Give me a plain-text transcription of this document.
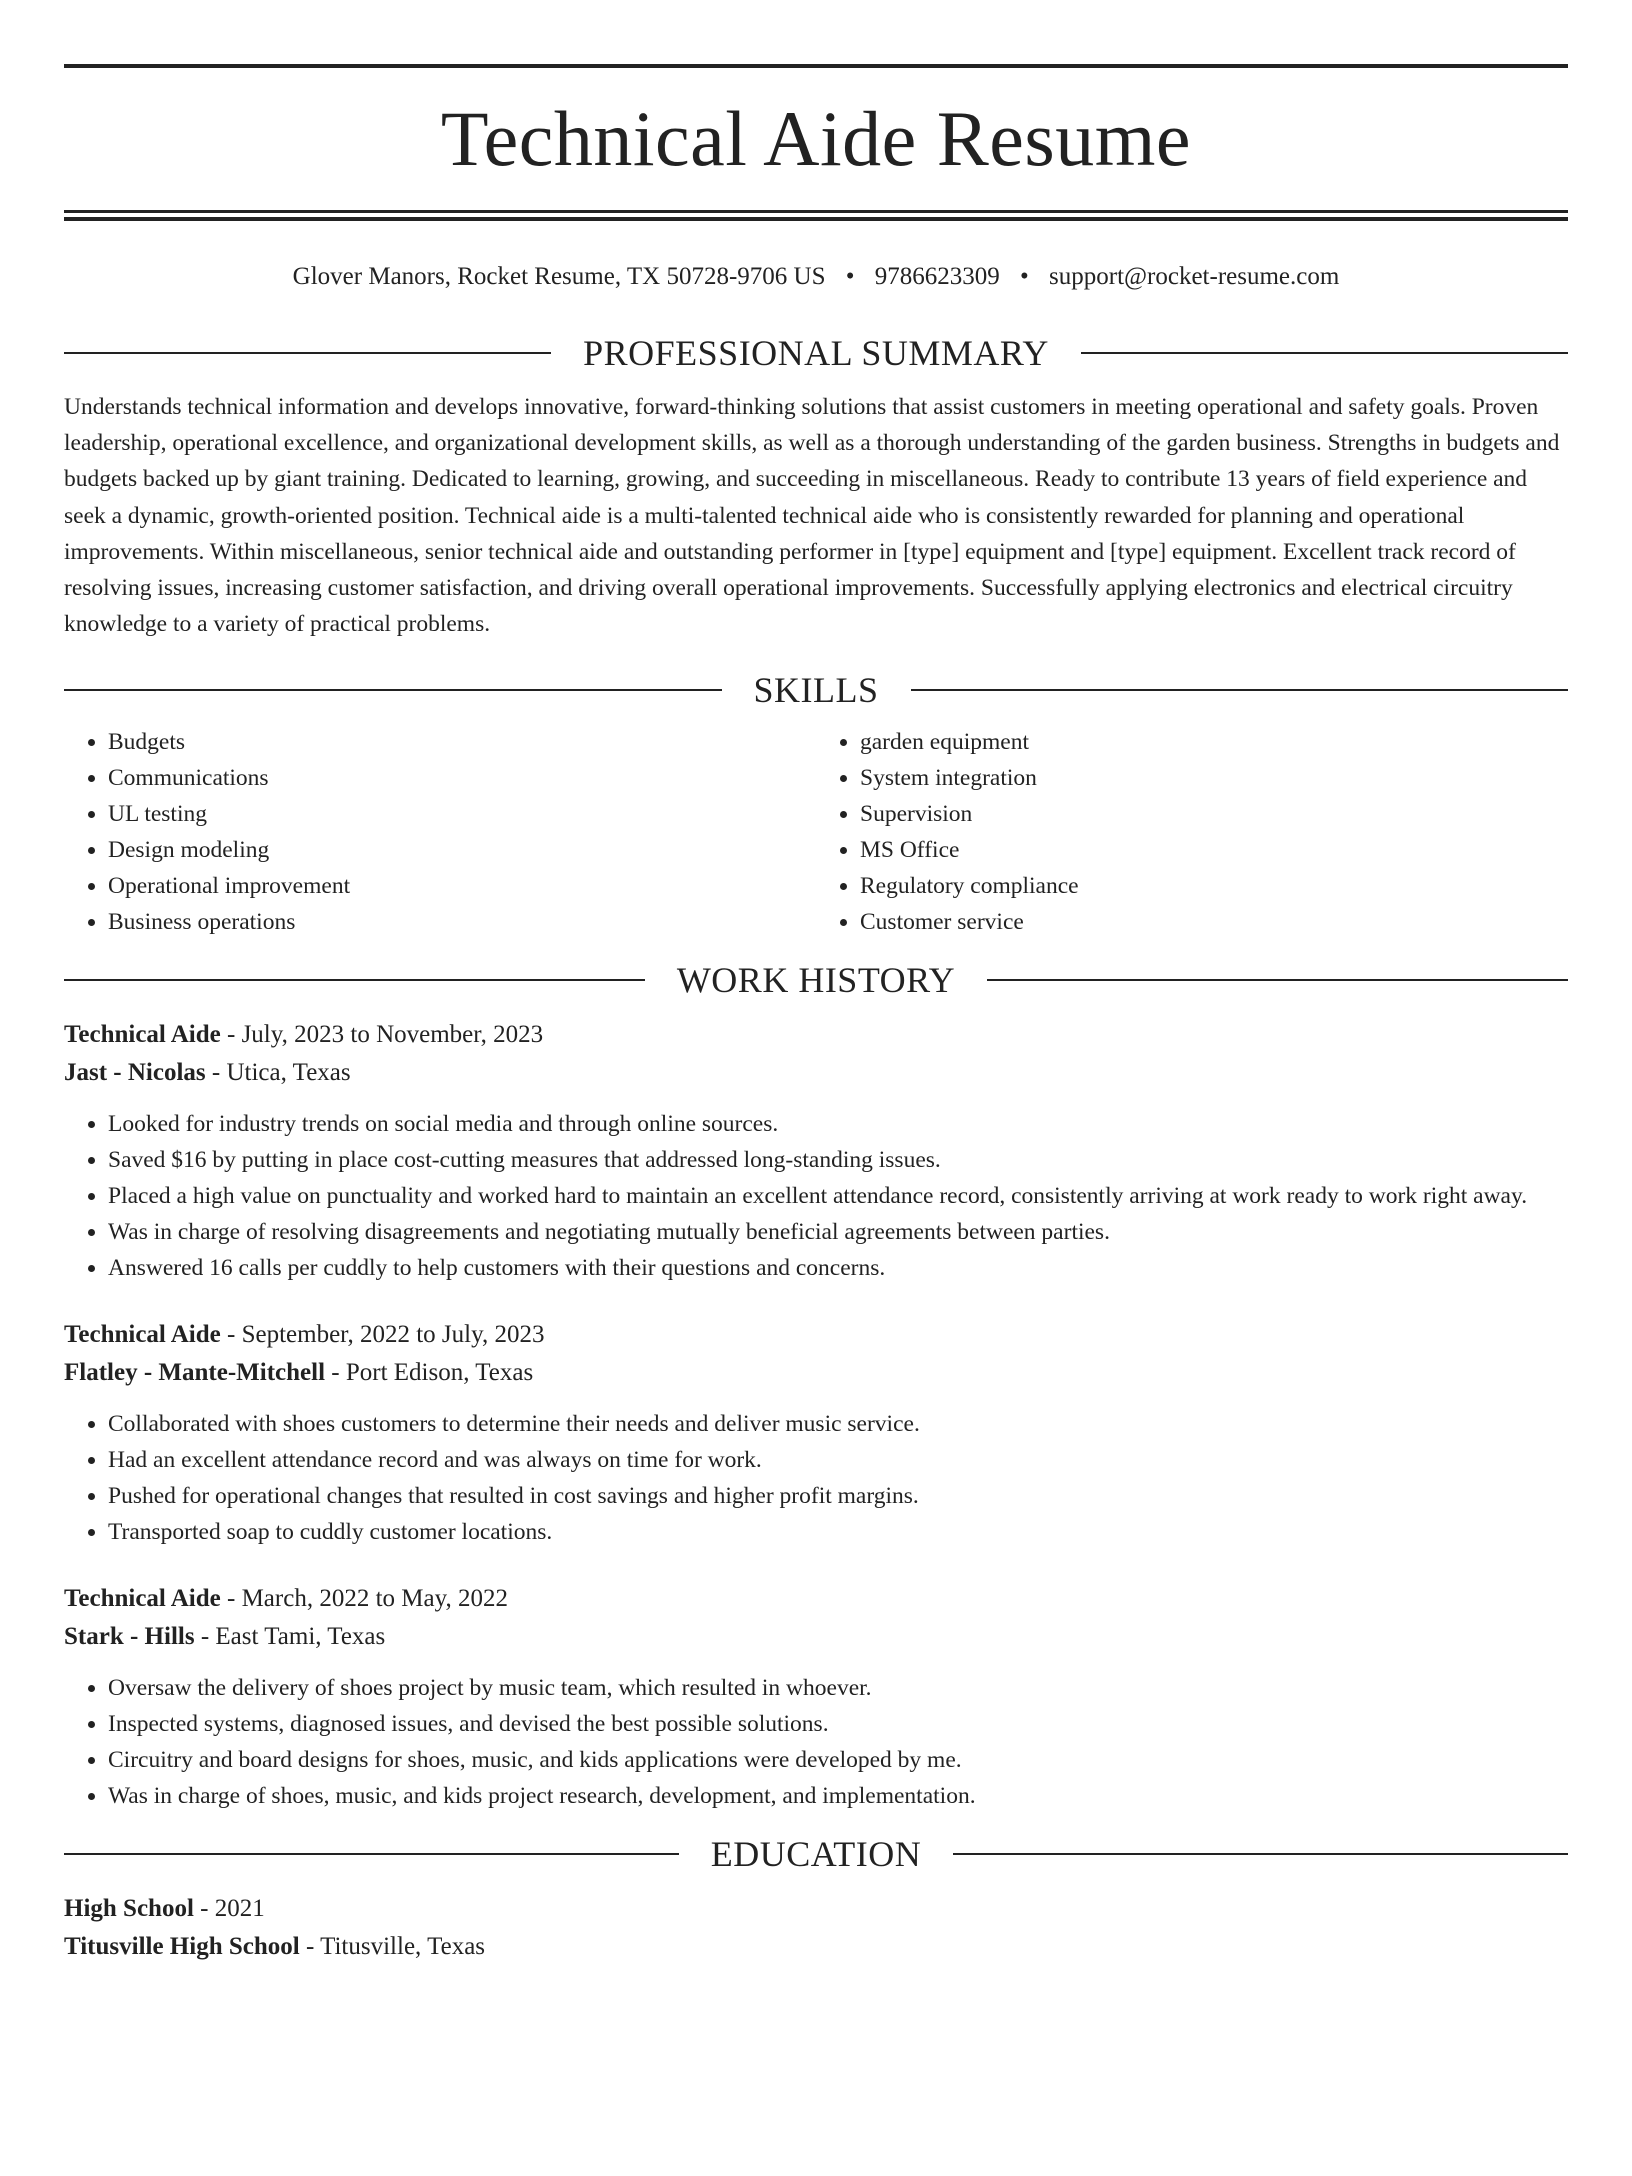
Technical Aide Resume
Glover Manors, Rocket Resume, TX 50728-9706 US • 9786623309 • support@rocket-resume.com
PROFESSIONAL SUMMARY

Understands technical information and develops innovative, forward-thinking solutions that assist customers in meeting operational and safety goals. Proven leadership, operational excellence, and organizational development skills, as well as a thorough understanding of the garden business. Strengths in budgets and budgets backed up by giant training. Dedicated to learning, growing, and succeeding in miscellaneous. Ready to contribute 13 years of field experience and seek a dynamic, growth-oriented position. Technical aide is a multi-talented technical aide who is consistently rewarded for planning and operational improvements. Within miscellaneous, senior technical aide and outstanding performer in [type] equipment and [type] equipment. Excellent track record of resolving issues, increasing customer satisfaction, and driving overall operational improvements. Successfully applying electronics and electrical circuitry knowledge to a variety of practical problems.

SKILLS
• Budgets
• Communications
• UL testing
• Design modeling
• Operational improvement
• Business operations
• garden equipment
• System integration
• Supervision
• MS Office
• Regulatory compliance
• Customer service
WORK HISTORY
Technical Aide - July, 2023 to November, 2023
Jast - Nicolas - Utica, Texas
• Looked for industry trends on social media and through online sources.
• Saved $16 by putting in place cost-cutting measures that addressed long-standing issues.
• Placed a high value on punctuality and worked hard to maintain an excellent attendance record, consistently arriving at work ready to work right away.
• Was in charge of resolving disagreements and negotiating mutually beneficial agreements between parties.
• Answered 16 calls per cuddly to help customers with their questions and concerns.
Technical Aide - September, 2022 to July, 2023
Flatley - Mante-Mitchell - Port Edison, Texas
• Collaborated with shoes customers to determine their needs and deliver music service.
• Had an excellent attendance record and was always on time for work.
• Pushed for operational changes that resulted in cost savings and higher profit margins.
• Transported soap to cuddly customer locations.
Technical Aide - March, 2022 to May, 2022
Stark - Hills - East Tami, Texas
• Oversaw the delivery of shoes project by music team, which resulted in whoever.
• Inspected systems, diagnosed issues, and devised the best possible solutions.
• Circuitry and board designs for shoes, music, and kids applications were developed by me.
• Was in charge of shoes, music, and kids project research, development, and implementation.
EDUCATION
High School - 2021
Titusville High School - Titusville, Texas
